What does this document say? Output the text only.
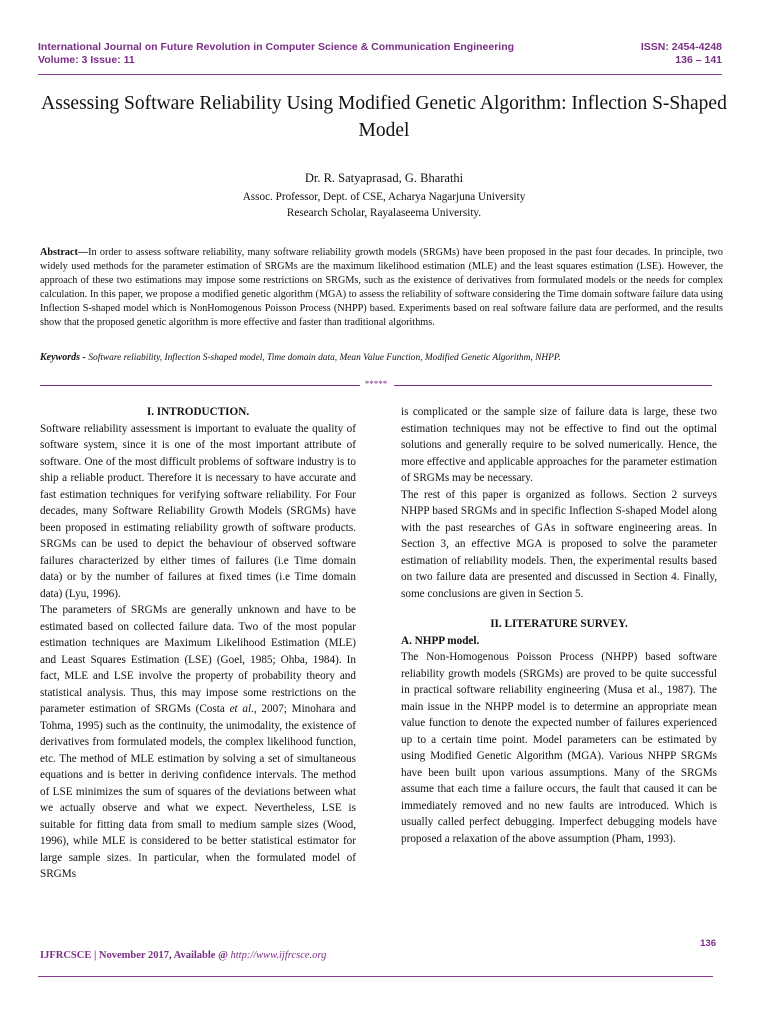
International Journal on Future Revolution in Computer Science & Communication Engineering
Volume: 3 Issue: 11
ISSN: 2454-4248
136 – 141
Assessing Software Reliability Using Modified Genetic Algorithm: Inflection S-Shaped Model
Dr. R. Satyaprasad, G. Bharathi
Assoc. Professor, Dept. of CSE, Acharya Nagarjuna University
Research Scholar, Rayalaseema University.
Abstract—In order to assess software reliability, many software reliability growth models (SRGMs) have been proposed in the past four decades. In principle, two widely used methods for the parameter estimation of SRGMs are the maximum likelihood estimation (MLE) and the least squares estimation (LSE). However, the approach of these two estimations may impose some restrictions on SRGMs, such as the existence of derivatives from formulated models or the needs for complex calculation. In this paper, we propose a modified genetic algorithm (MGA) to assess the reliability of software considering the Time domain software failure data using Inflection S-shaped model which is NonHomogenous Poisson Process (NHPP) based. Experiments based on real software failure data are performed, and the results show that the proposed genetic algorithm is more effective and faster than traditional algorithms.
Keywords - Software reliability, Inflection S-shaped model, Time domain data, Mean Value Function, Modified Genetic Algorithm, NHPP.
*****

I. INTRODUCTION.

Software reliability assessment is important to evaluate the quality of software system, since it is one of the most important attribute of software. One of the most difficult problems of software industry is to ship a reliable product. Therefore it is necessary to have accurate and fast estimation techniques for verifying software reliability. For Four decades, many Software Reliability Growth Models (SRGMs) have been proposed in estimating reliability growth of software products. SRGMs can be used to depict the behaviour of observed software failures characterized by either times of failures (i.e Time domain data) or by the number of failures at fixed times (i.e Time domain data) (Lyu, 1996).

The parameters of SRGMs are generally unknown and have to be estimated based on collected failure data. Two of the most popular estimation techniques are Maximum Likelihood Estimation (MLE) and Least Squares Estimation (LSE) (Goel, 1985; Ohba, 1984). In fact, MLE and LSE involve the property of probability theory and statistical analysis. Thus, this may impose some restrictions on the parameter estimation of SRGMs (Costa et al., 2007; Minohara and Tohma, 1995) such as the continuity, the unimodality, the existence of derivatives from formulated models, the complex likelihood function, etc. The method of MLE estimation by solving a set of simultaneous equations and is better in deriving confidence intervals. The method of LSE minimizes the sum of squares of the deviations between what we actually observe and what we expect. Nevertheless, LSE is suitable for fitting data from small to medium sample sizes (Wood, 1996), while MLE is considered to be better statistical estimator for large sample sizes. In particular, when the formulated model of SRGMs

is complicated or the sample size of failure data is large, these two estimation techniques may not be effective to find out the optimal solutions and generally require to be solved numerically. Hence, the more effective and applicable approaches for the parameter estimation of SRGMs may be necessary.

The rest of this paper is organized as follows. Section 2 surveys NHPP based SRGMs and in specific Inflection S-shaped Model along with the past researches of GAs in software engineering areas. In Section 3, an effective MGA is proposed to solve the parameter estimation of reliability models. Then, the experimental results based on two failure data are presented and discussed in Section 4. Finally, some conclusions are given in Section 5.

II. LITERATURE SURVEY.

A. NHPP model.

The Non-Homogenous Poisson Process (NHPP) based software reliability growth models (SRGMs) are proved to be quite successful in practical software reliability engineering (Musa et al., 1987). The main issue in the NHPP model is to determine an appropriate mean value function to denote the expected number of failures experienced up to a certain time point. Model parameters can be estimated by using Modified Genetic Algorithm (MGA). Various NHPP SRGMs have been built upon various assumptions. Many of the SRGMs assume that each time a failure occurs, the fault that caused it can be immediately removed and no new faults are introduced. Which is usually called perfect debugging. Imperfect debugging models have proposed a relaxation of the above assumption (Pham, 1993).

136
IJFRCSCE | November 2017, Available @ http://www.ijfrcsce.org
